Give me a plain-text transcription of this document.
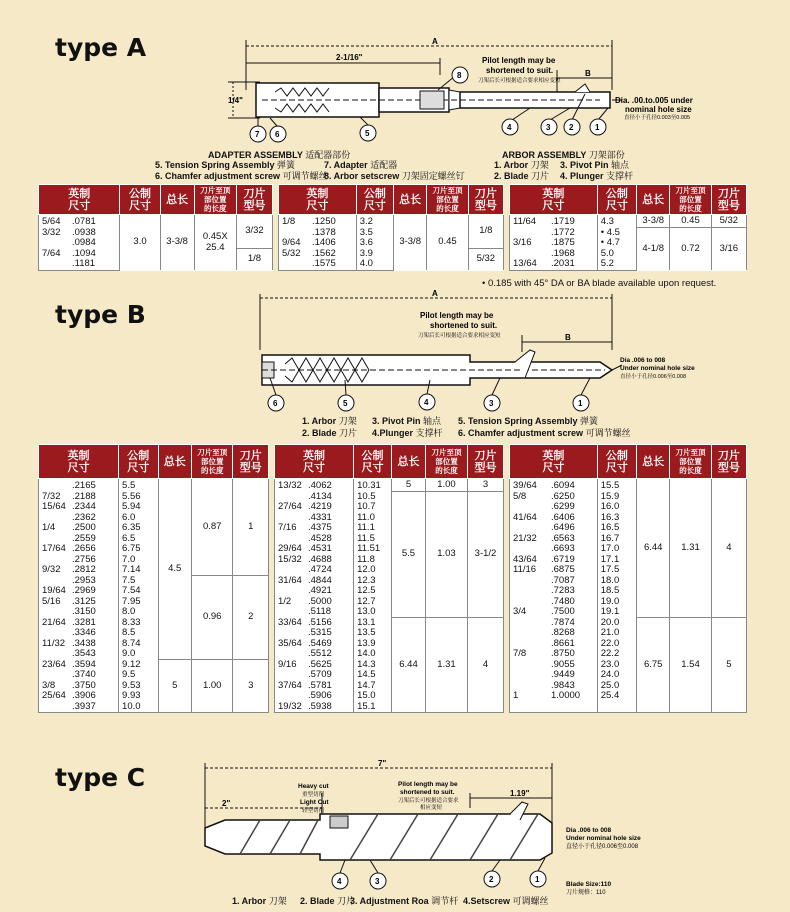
type A
7 6	5
8
4	3 2	1
A
2-1/16"
1/4"
B
Pilot length may be
shortened to suit.
刀架后长可根据适合要求相应变短
Dia. .00.to.005 under
nominal hole size
直径小于孔径0.003至0.005
ADAPTER ASSEMBLY 适配器部份
5. Tension Spring Assembly 弹簧	7. Adapter 适配器
6. Chamfer adjustment screw 可调节螺丝
8. Arbor setscrew 刀架固定螺丝钉
ARBOR ASSEMBLY 刀架部份
1. Arbor 刀架 3. Pivot Pin 轴点
2. Blade 刀片 4. Plunger 支撑杆
英制
尺寸	公制
尺寸	总长	刀片至顶
部位置
的长度	刀片
型号
5/64 .0781	3.0	3-3/8	0.45X
25.4	3/32
3/32 .0938				
.0984				
7/64 .1094				1/8
.1181				
英制
尺寸	公制
尺寸	总长	刀片至顶
部位置
的长度	刀片
型号
1/8 .1250	3.2	3-3/8	0.45	1/8
.1378	3.5			
9/64 .1406	3.6			
5/32 .1562	3.9			5/32
.1575	4.0			
英制
尺寸	公制
尺寸	总长	刀片至顶
部位置
的长度	刀片
型号
11/64 .1719	4.3	3-3/8	0.45	5/32
.1772	• 4.5	4-1/8	0.72	3/16
3/16 .1875	• 4.7			
.1968	5.0			
13/64 .2031	5.2			
• 0.185 with 45° DA or BA blade available upon request.
type B
6	5	4	3	1
A
B
Pilot length may be
shortened to suit.
刀架后长可根据适合要求相应变短
Dia .006 to 008
Under nominal hole size
直径小于孔径0.006至0.008
1. Arbor 刀架 3. Pivot Pin 轴点 5. Tension Spring Assembly 弹簧
2. Blade 刀片 4.Plunger 支撑杆 6. Chamfer adjustment screw 可调节螺丝
英制
尺寸	公制
尺寸	总长	刀片至顶
部位置
的长度	刀片
型号
.2165	5.5	4.5	0.87	1
7/32 .2188	5.56			
15/64 .2344	5.94			
.2362	6.0			
1/4 .2500	6.35			
.2559	6.5			
17/64 .2656	6.75			
.2756	7.0			
9/32 .2812	7.14			
.2953	7.5		0.96	2
19/64 .2969	7.54			
5/16 .3125	7.95			
.3150	8.0			
21/64 .3281	8.33			
.3346	8.5			
11/32 .3438	8.74			
.3543	9.0			
23/64 .3594	9.12	5	1.00	3
.3740	9.5			
3/8 .3750	9.53			
25/64 .3906	9.93			
.3937	10.0			
英制
尺寸	公制
尺寸	总长	刀片至顶
部位置
的长度	刀片
型号
13/32 .4062	10.31	5	1.00	3
.4134	10.5	5.5	1.03	3-1/2
27/64 .4219	10.7			
.4331	11.0			
7/16 .4375	11.1			
.4528	11.5			
29/64 .4531	11.51			
15/32 .4688	11.8			
.4724	12.0			
31/64 .4844	12.3			
.4921	12.5			
1/2 .5000	12.7			
.5118	13.0			
33/64 .5156	13.1	6.44	1.31	4
.5315	13.5			
35/64 .5469	13.9			
.5512	14.0			
9/16 .5625	14.3			
.5709	14.5			
37/64 .5781	14.7			
.5906	15.0			
19/32 .5938	15.1			
英制
尺寸	公制
尺寸	总长	刀片至顶
部位置
的长度	刀片
型号
39/64 .6094	15.5	6.44	1.31	4
5/8 .6250	15.9			
.6299	16.0			
41/64 .6406	16.3			
.6496	16.5			
21/32 .6563	16.7			
.6693	17.0			
43/64 .6719	17.1			
11/16 .6875	17.5			
.7087	18.0			
.7283	18.5			
.7480	19.0			
3/4 .7500	19.1			
.7874	20.0	6.75	1.54	5
.8268	21.0			
.8661	22.0			
7/8 .8750	22.2			
.9055	23.0			
.9449	24.0			
.9843	25.0			
1 1.0000	25.4			

type C
4	3	2	1
7"
2"
1.19"
Heavy cut
重型切削
Light Cut
轻型切削
Pilot length may be
shortened to suit.
刀架后长可根据适合要求
相应变短
Dia .006 to 008
Under nominal hole size
直径小于孔径0.006至0.008
Blade Size:110
刀片规格：110
1. Arbor 刀架 2. Blade 刀片
3. Adjustment Roa 调节杆 4.Setscrew 可调螺丝
